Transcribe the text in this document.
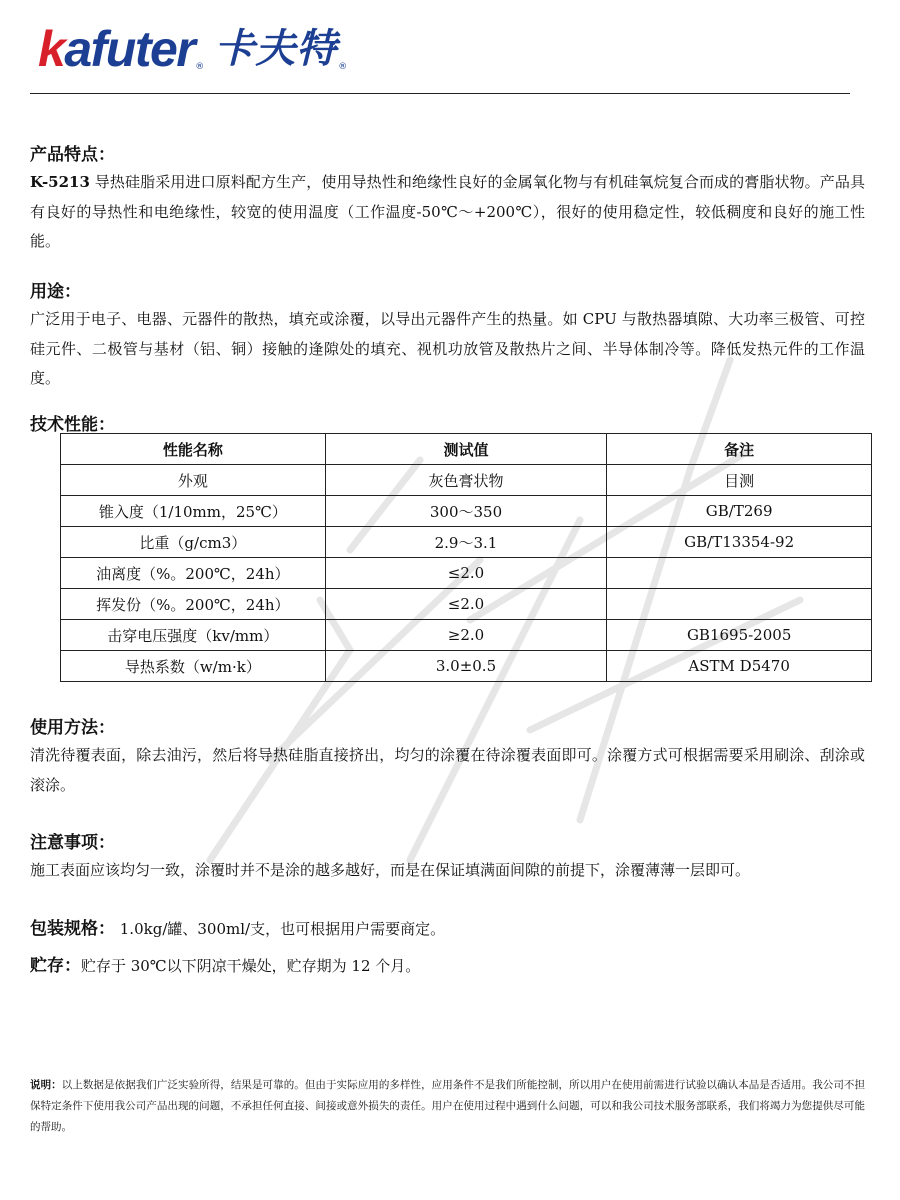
kafuter ® 卡夫特 ®
产品特点：
K-5213 导热硅脂采用进口原料配方生产，使用导热性和绝缘性良好的金属氧化物与有机硅氧烷复合而成的膏脂状物。产品具有良好的导热性和电绝缘性，较宽的使用温度（工作温度-50℃～+200℃），很好的使用稳定性，较低稠度和良好的施工性能。
用途：
广泛用于电子、电器、元器件的散热，填充或涂覆，以导出元器件产生的热量。如 CPU 与散热器填隙、大功率三极管、可控硅元件、二极管与基材（铝、铜）接触的逢隙处的填充、视机功放管及散热片之间、半导体制冷等。降低发热元件的工作温度。
技术性能：
性能名称	测试值	备注
外观	灰色膏状物	目测
锥入度（1/10mm，25℃）	300～350	GB/T269
比重（g/cm3）	2.9～3.1	GB/T13354-92
油离度（%。200℃，24h）	≤2.0	
挥发份（%。200℃，24h）	≤2.0	
击穿电压强度（kv/mm）	≥2.0	GB1695-2005
导热系数（w/m·k）	3.0±0.5	ASTM D5470
使用方法：
清洗待覆表面，除去油污，然后将导热硅脂直接挤出，均匀的涂覆在待涂覆表面即可。涂覆方式可根据需要采用刷涂、刮涂或滚涂。
注意事项：
施工表面应该均匀一致，涂覆时并不是涂的越多越好，而是在保证填满面间隙的前提下，涂覆薄薄一层即可。
包装规格： 1.0kg/罐、300ml/支，也可根据用户需要商定。
贮存：贮存于 30℃以下阴凉干燥处，贮存期为 12 个月。
说明：以上数据是依据我们广泛实验所得，结果是可靠的。但由于实际应用的多样性，应用条件不是我们所能控制，所以用户在使用前需进行试验以确认本品是否适用。我公司不担保特定条件下使用我公司产品出现的问题，不承担任何直接、间接或意外损失的责任。用户在使用过程中遇到什么问题，可以和我公司技术服务部联系，我们将竭力为您提供尽可能的帮助。
